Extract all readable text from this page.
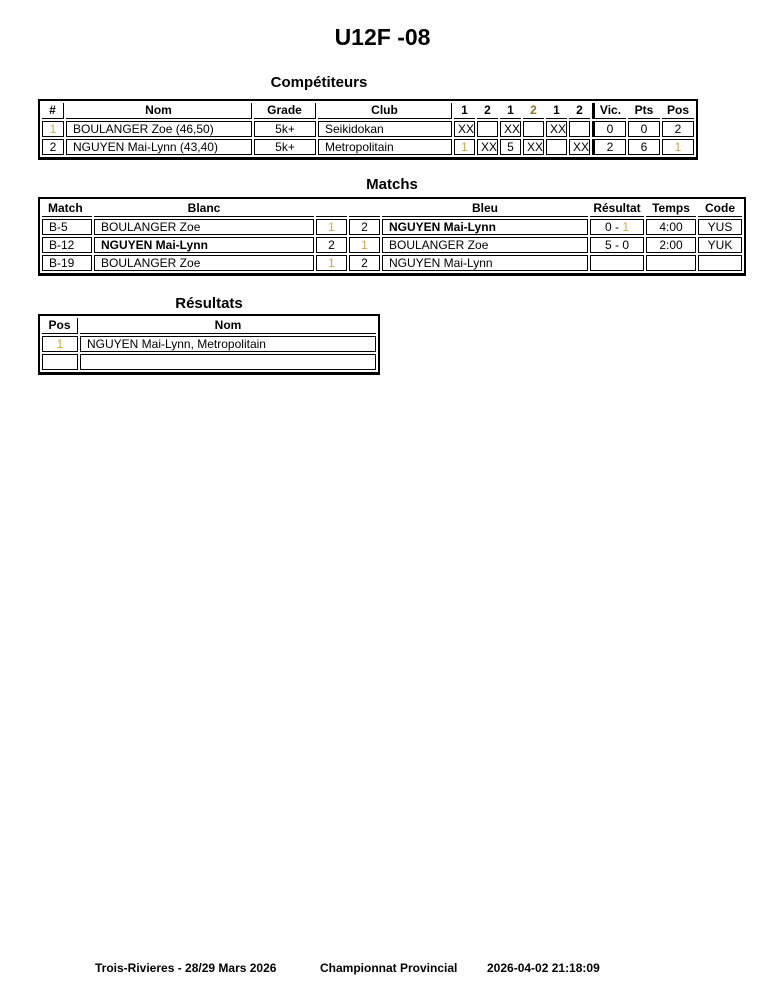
U12F -08
Compétiteurs
#	Nom	Grade	Club	1	2	1	2	1	2	Vic.	Pts	Pos
1	BOULANGER Zoe (46,50)	5k+	Seikidokan	XX		XX		XX		0	0	2
2	NGUYEN Mai-Lynn (43,40)	5k+	Metropolitain	1	XX	5	XX		XX	2	6	1
Matchs
Match	Blanc			Bleu	Résultat	Temps	Code
B-5	BOULANGER Zoe	1	2	NGUYEN Mai-Lynn	0 - 1	4:00	YUS
B-12	NGUYEN Mai-Lynn	2	1	BOULANGER Zoe	5 - 0	2:00	YUK
B-19	BOULANGER Zoe	1	2	NGUYEN Mai-Lynn			
Résultats
Pos	Nom
1	NGUYEN Mai-Lynn, Metropolitain

Trois-Rivieres - 28/29 Mars 2026	Championnat Provincial 2026-04-02 21:18:09
